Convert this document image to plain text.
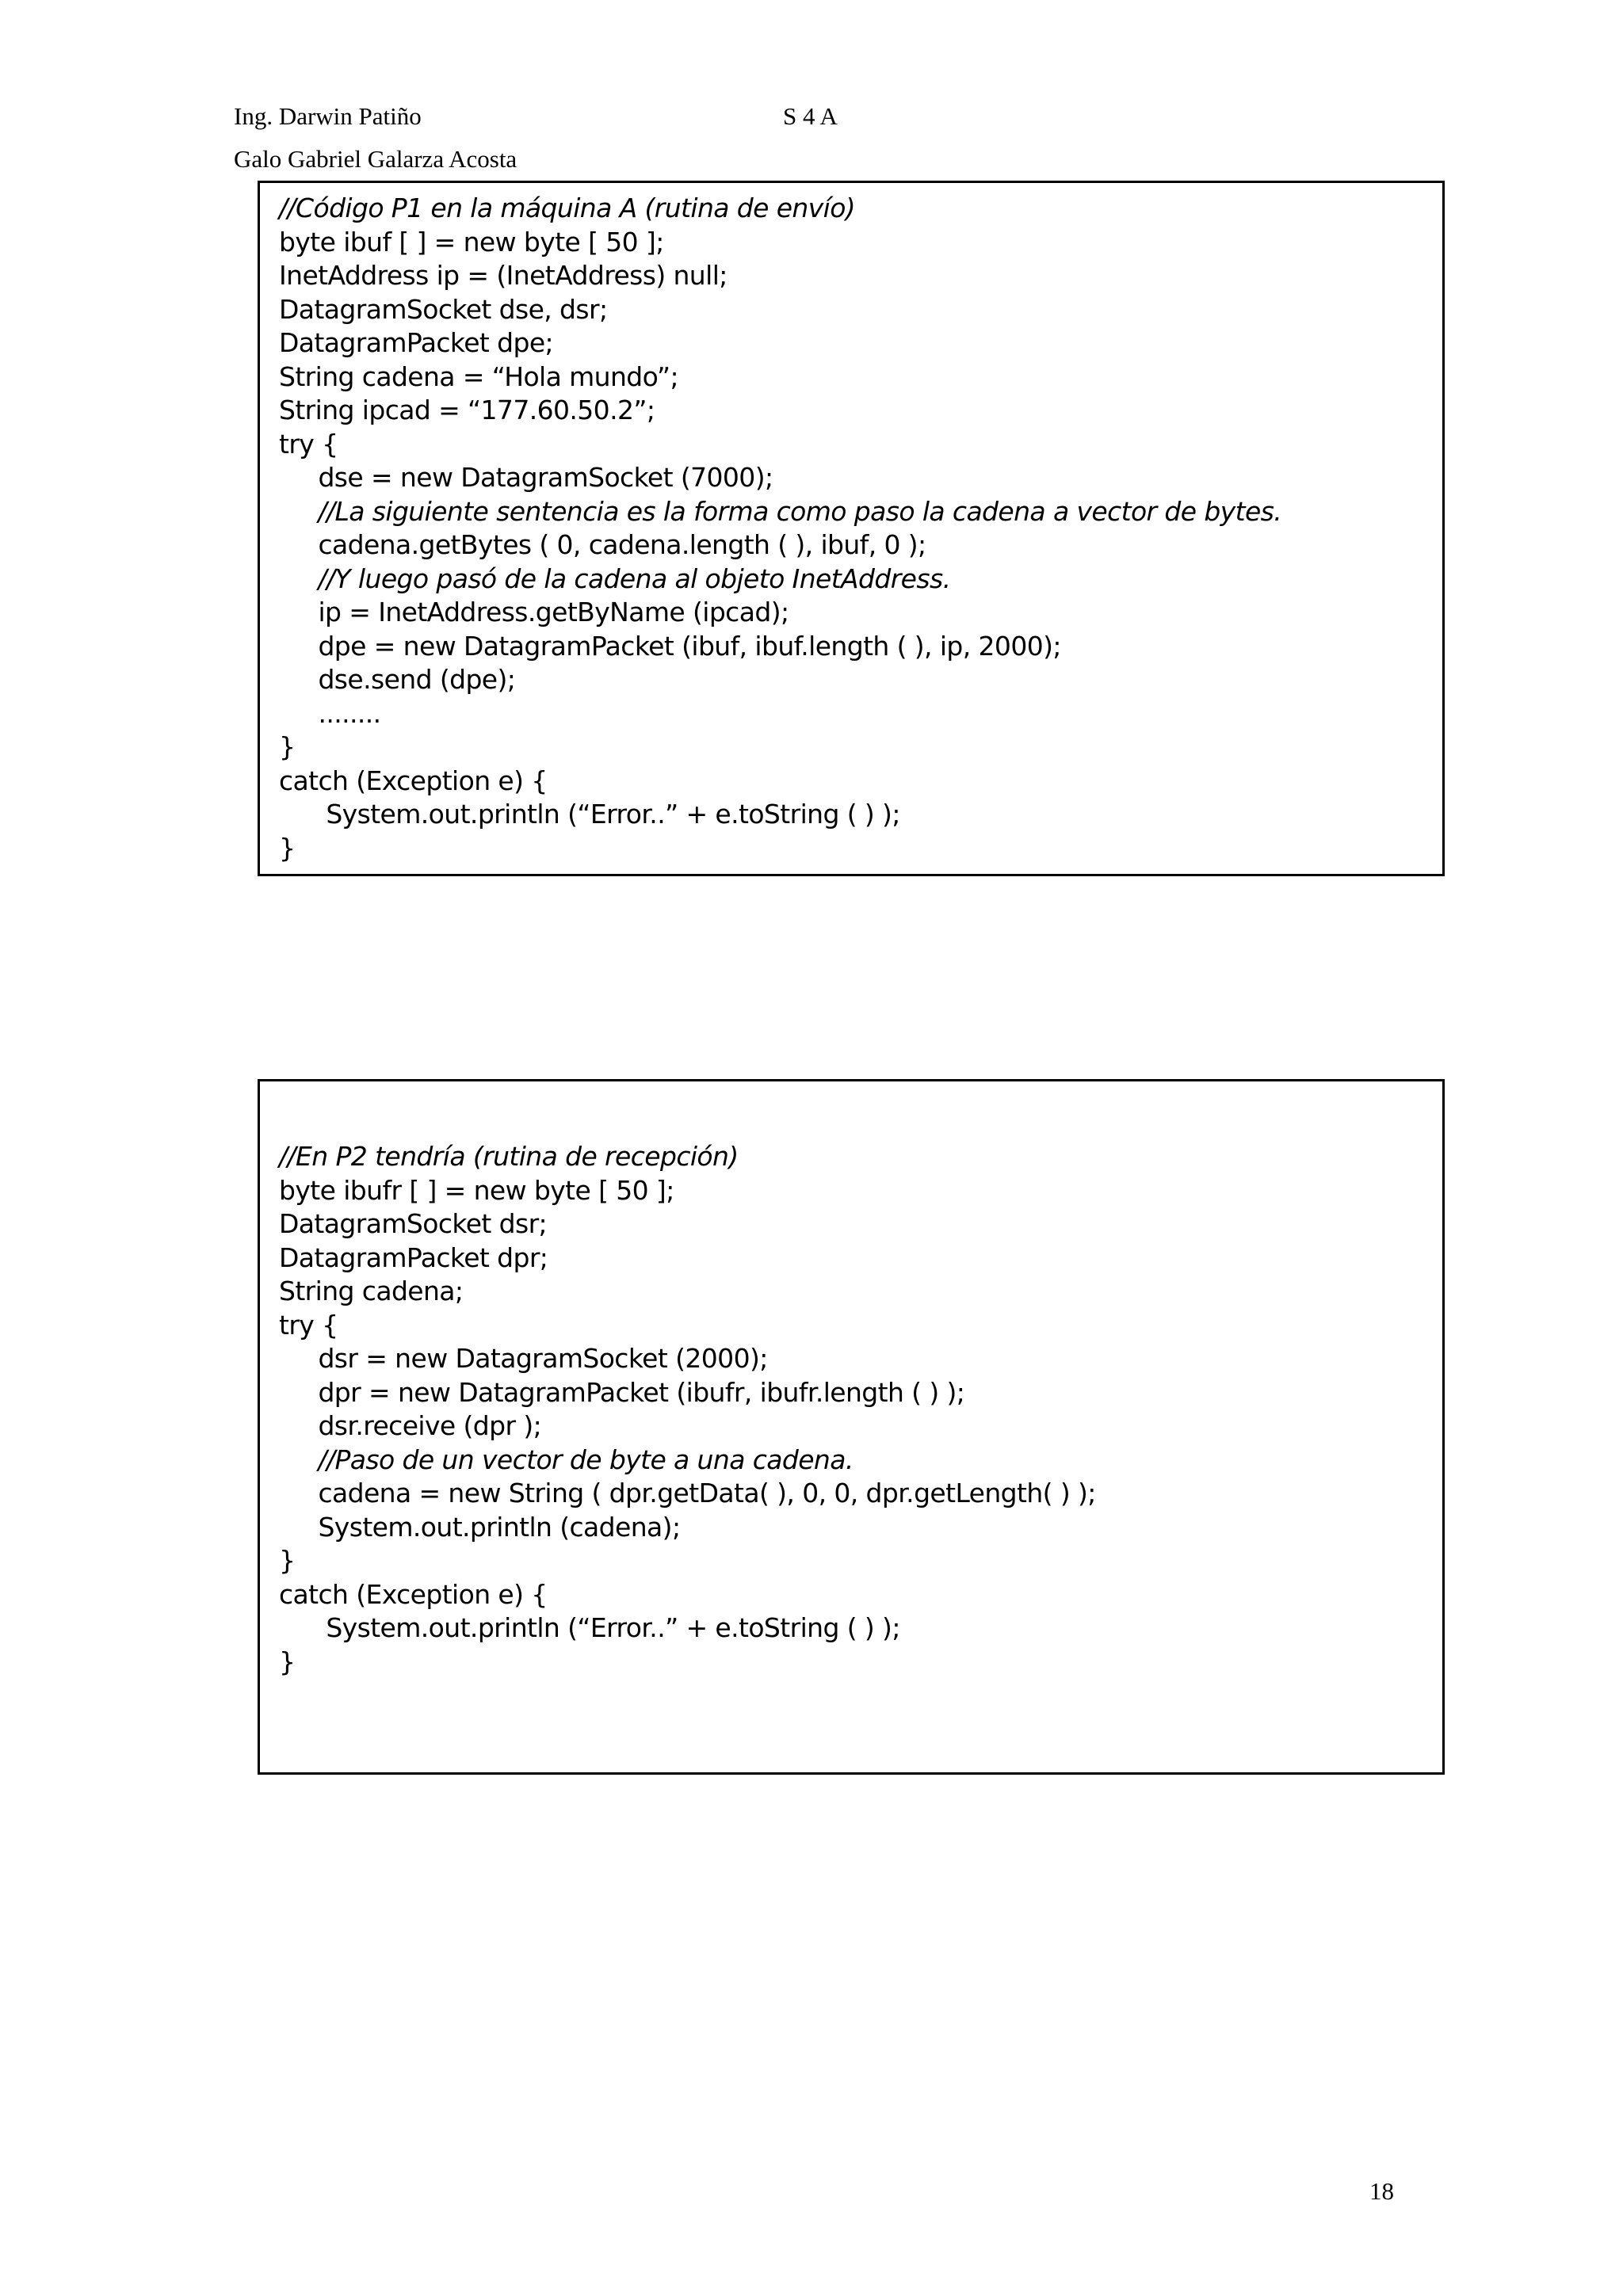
Ing. Darwin Patiño
Galo Gabriel Galarza Acosta
S 4 A
//Código P1 en la máquina A (rutina de envío)
byte ibuf [ ] = new byte [ 50 ];
InetAddress ip = (InetAddress) null;
DatagramSocket dse, dsr;
DatagramPacket dpe;
String cadena = “Hola mundo”;
String ipcad = “177.60.50.2”;
try {
dse = new DatagramSocket (7000);
//La siguiente sentencia es la forma como paso la cadena a vector de bytes.
cadena.getBytes ( 0, cadena.length ( ), ibuf, 0 );
//Y luego pasó de la cadena al objeto InetAddress.
ip = InetAddress.getByName (ipcad);
dpe = new DatagramPacket (ibuf, ibuf.length ( ), ip, 2000);
dse.send (dpe);
........
}
catch (Exception e) {
System.out.println (“Error..” + e.toString ( ) );
}
//En P2 tendría (rutina de recepción)
byte ibufr [ ] = new byte [ 50 ];
DatagramSocket dsr;
DatagramPacket dpr;
String cadena;
try {
dsr = new DatagramSocket (2000);
dpr = new DatagramPacket (ibufr, ibufr.length ( ) );
dsr.receive (dpr );
//Paso de un vector de byte a una cadena.
cadena = new String ( dpr.getData( ), 0, 0, dpr.getLength( ) );
System.out.println (cadena);
}
catch (Exception e) {
System.out.println (“Error..” + e.toString ( ) );
}
18
